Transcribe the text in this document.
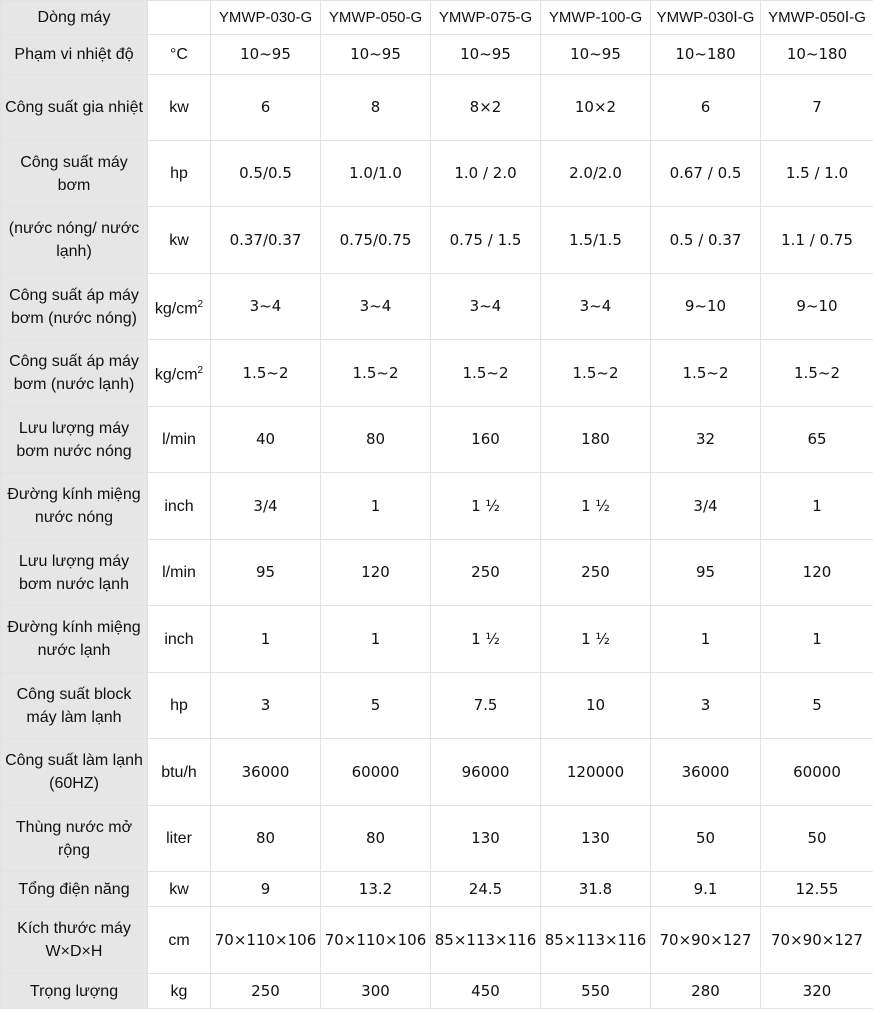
Dòng máy		YMWP-030-G	YMWP-050-G	YMWP-075-G	YMWP-100-G	YMWP-030Ⅰ-G	YMWP-050Ⅰ-G
Phạm vi nhiệt độ	°C	10~95	10~95	10~95	10~95	10~180	10~180
Công suất gia nhiệt	kw	6	8	8×2	10×2	6	7
Công suất máy bơm	hp	0.5/0.5	1.0/1.0	1.0 / 2.0	2.0/2.0	0.67 / 0.5	1.5 / 1.0
(nước nóng/ nước lạnh)	kw	0.37/0.37	0.75/0.75	0.75 / 1.5	1.5/1.5	0.5 / 0.37	1.1 / 0.75
Công suất áp máy bơm (nước nóng)	$kg/cm^2$	3~4	3~4	3~4	3~4	9~10	9~10
Công suất áp máy bơm (nước lạnh)	$kg/cm^2$	1.5~2	1.5~2	1.5~2	1.5~2	1.5~2	1.5~2
Lưu lượng máy bơm nước nóng	l/min	40	80	160	180	32	65
Đường kính miệng nước nóng	inch	3/4	1	1 ½	1 ½	3/4	1
Lưu lượng máy bơm nước lạnh	l/min	95	120	250	250	95	120
Đường kính miệng nước lạnh	inch	1	1	1 ½	1 ½	1	1
Công suất block máy làm lạnh	hp	3	5	7.5	10	3	5
Công suất làm lạnh (60HZ)	btu/h	36000	60000	96000	120000	36000	60000
Thùng nước mở rộng	liter	80	80	130	130	50	50
Tổng điện năng	kw	9	13.2	24.5	31.8	9.1	12.55
Kích thước máy W×D×H	cm	70×110×106	70×110×106	85×113×116	85×113×116	70×90×127	70×90×127
Trọng lượng	kg	250	300	450	550	280	320
